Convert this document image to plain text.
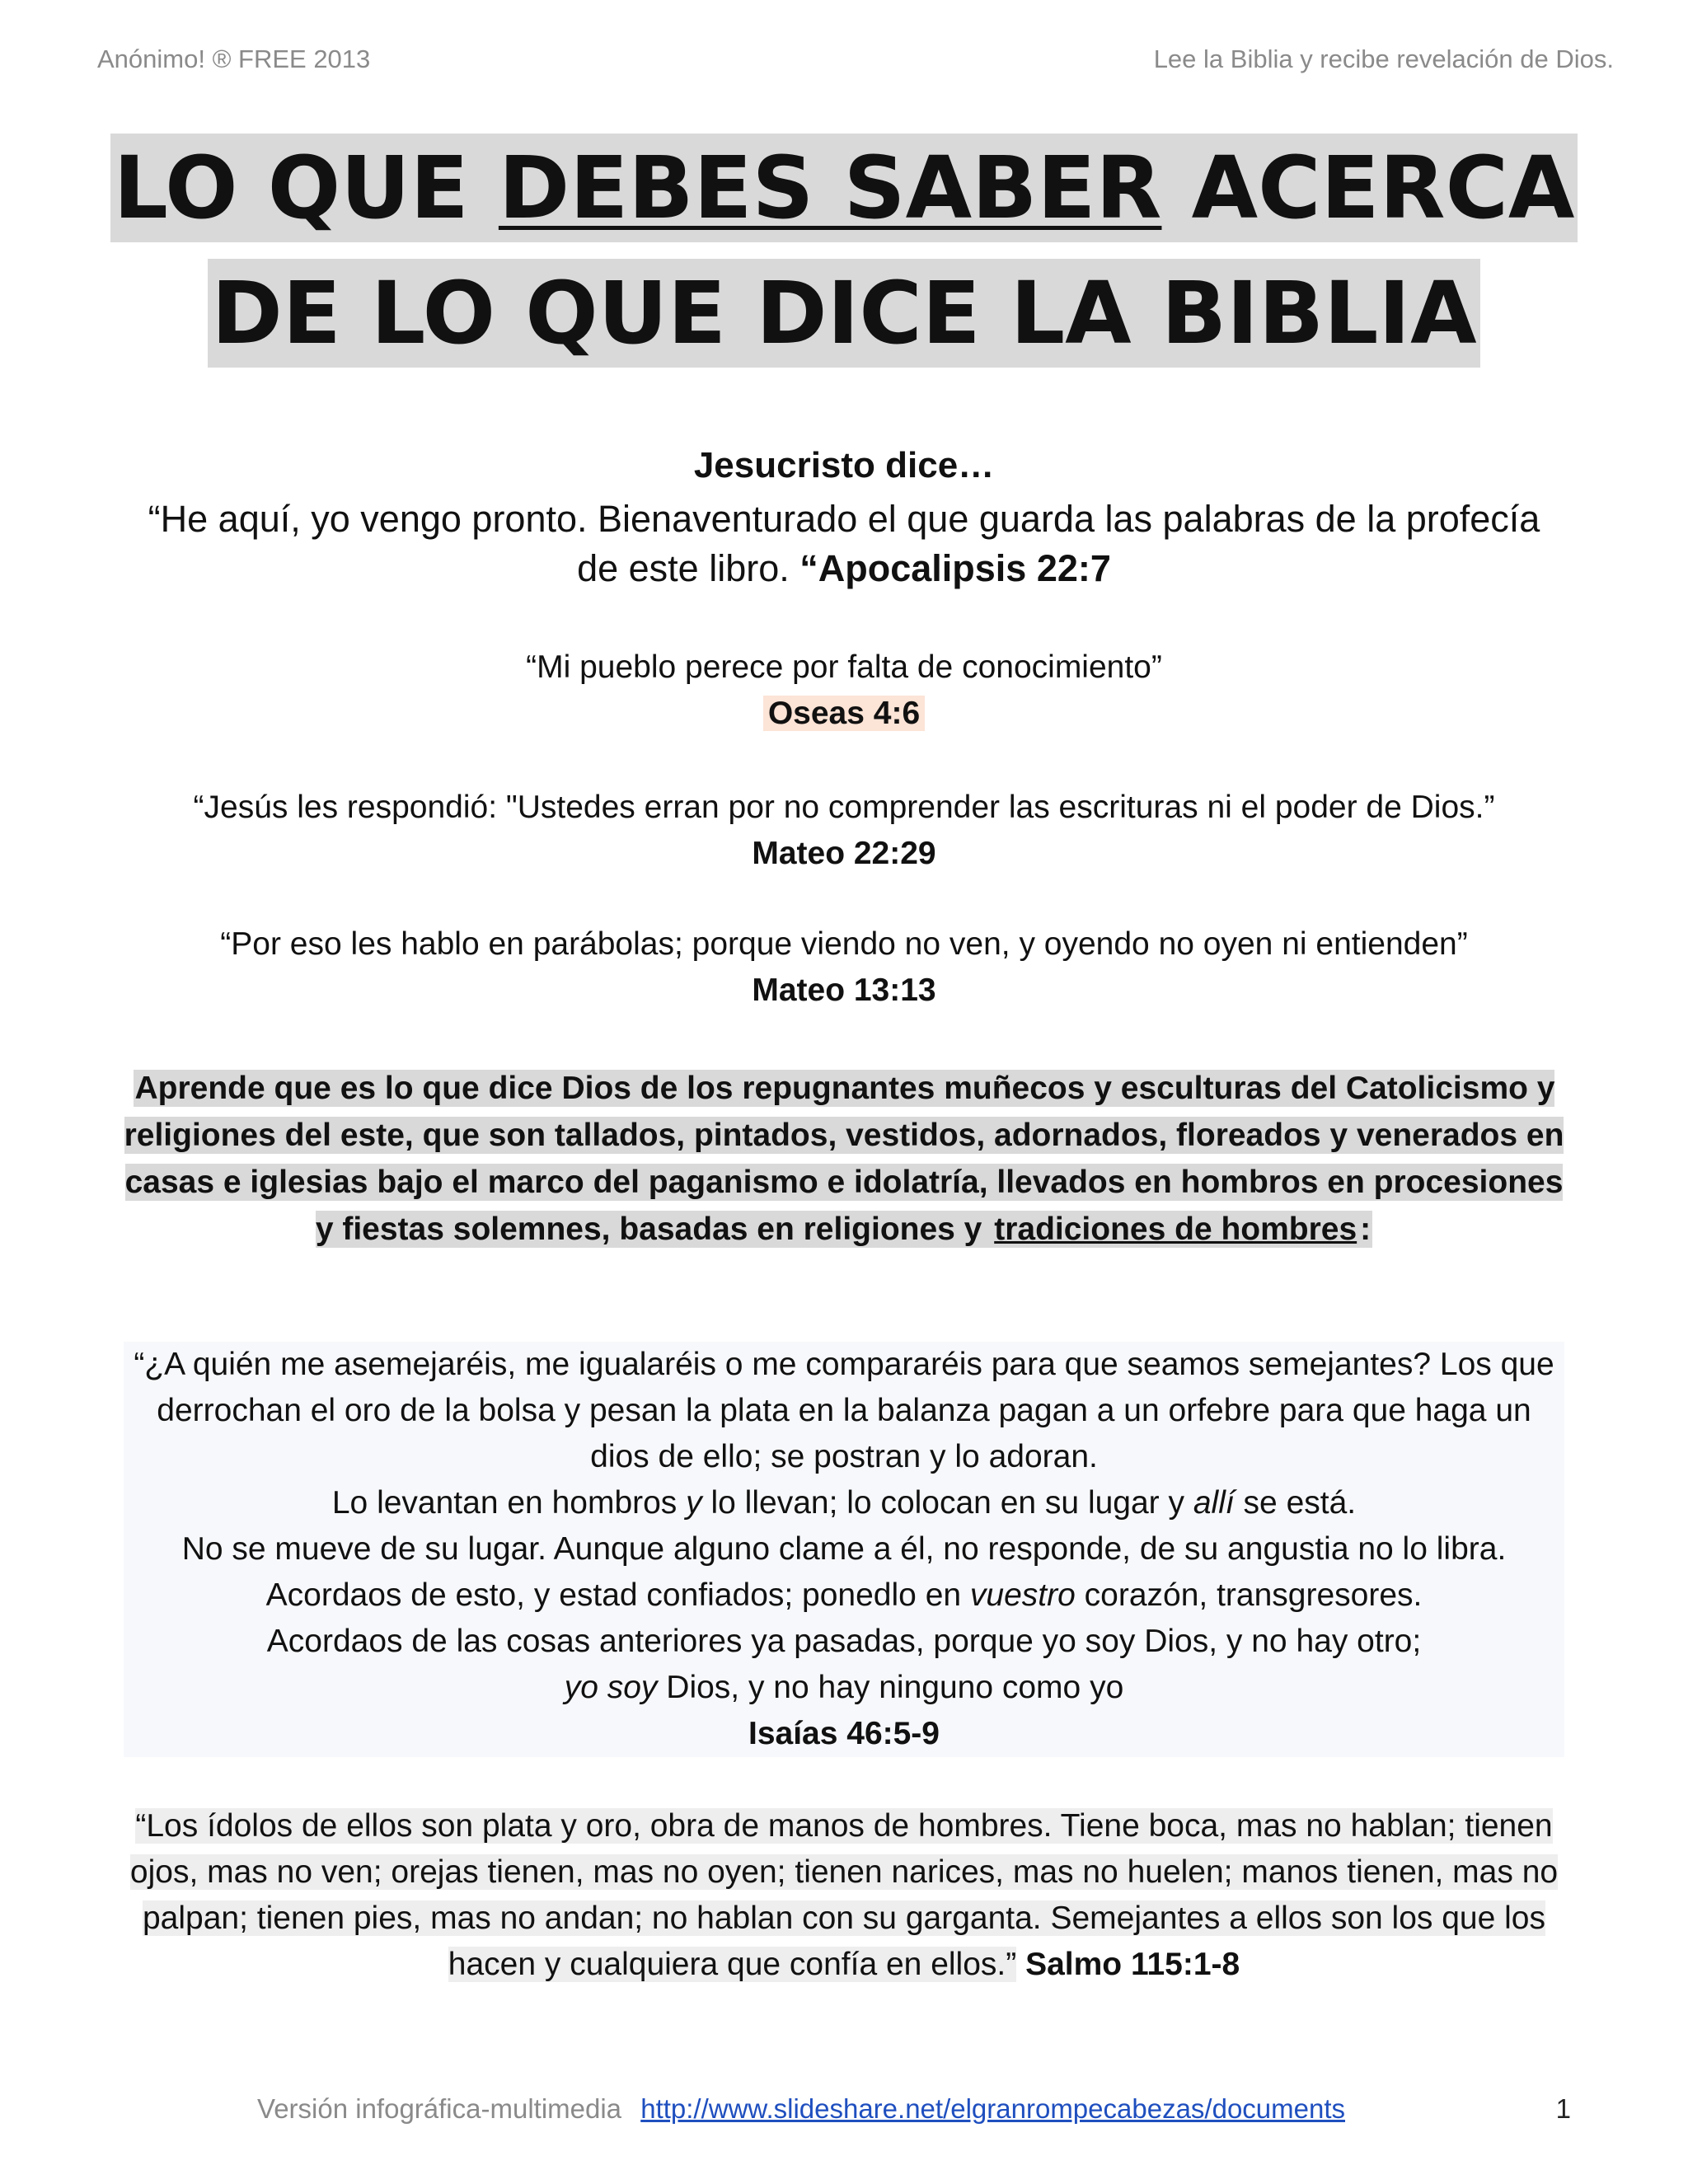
Anónimo! ® FREE 2013	Lee la Biblia y recibe revelación de Dios.
LO QUE DEBES SABER ACERCA
DE LO QUE DICE LA BIBLIA
Jesucristo dice…
“He aquí, yo vengo pronto. Bienaventurado el que guarda las palabras de la profecía de este libro. “Apocalipsis 22:7
“Mi pueblo perece por falta de conocimiento”
Oseas 4:6
“Jesús les respondió: "Ustedes erran por no comprender las escrituras ni el poder de Dios.”
Mateo 22:29
“Por eso les hablo en parábolas; porque viendo no ven, y oyendo no oyen ni entienden”
Mateo 13:13
Aprende que es lo que dice Dios de los repugnantes muñecos y esculturas del Catolicismo y religiones del este, que son tallados, pintados, vestidos, adornados, floreados y venerados en casas e iglesias bajo el marco del paganismo e idolatría, llevados en hombros en procesiones y fiestas solemnes, basadas en religiones y tradiciones de hombres :
“¿A quién me asemejaréis, me igualaréis o me compararéis para que seamos semejantes? Los que derrochan el oro de la bolsa y pesan la plata en la balanza pagan a un orfebre para que haga un dios de ello; se postran y lo adoran.
Lo levantan en hombros y lo llevan; lo colocan en su lugar y allí se está.
No se mueve de su lugar. Aunque alguno clame a él, no responde, de su angustia no lo libra. Acordaos de esto, y estad confiados; ponedlo en vuestro corazón, transgresores.
Acordaos de las cosas anteriores ya pasadas, porque yo soy Dios, y no hay otro;
yo soy Dios, y no hay ninguno como yo
Isaías 46:5-9
“Los ídolos de ellos son plata y oro, obra de manos de hombres. Tiene boca, mas no hablan; tienen ojos, mas no ven; orejas tienen, mas no oyen; tienen narices, mas no huelen; manos tienen, mas no palpan; tienen pies, mas no andan; no hablan con su garganta. Semejantes a ellos son los que los hacen y cualquiera que confía en ellos.” Salmo 115:1-8
Versión infográfica-multimedia http://www.slideshare.net/elgranrompecabezas/documents	1
